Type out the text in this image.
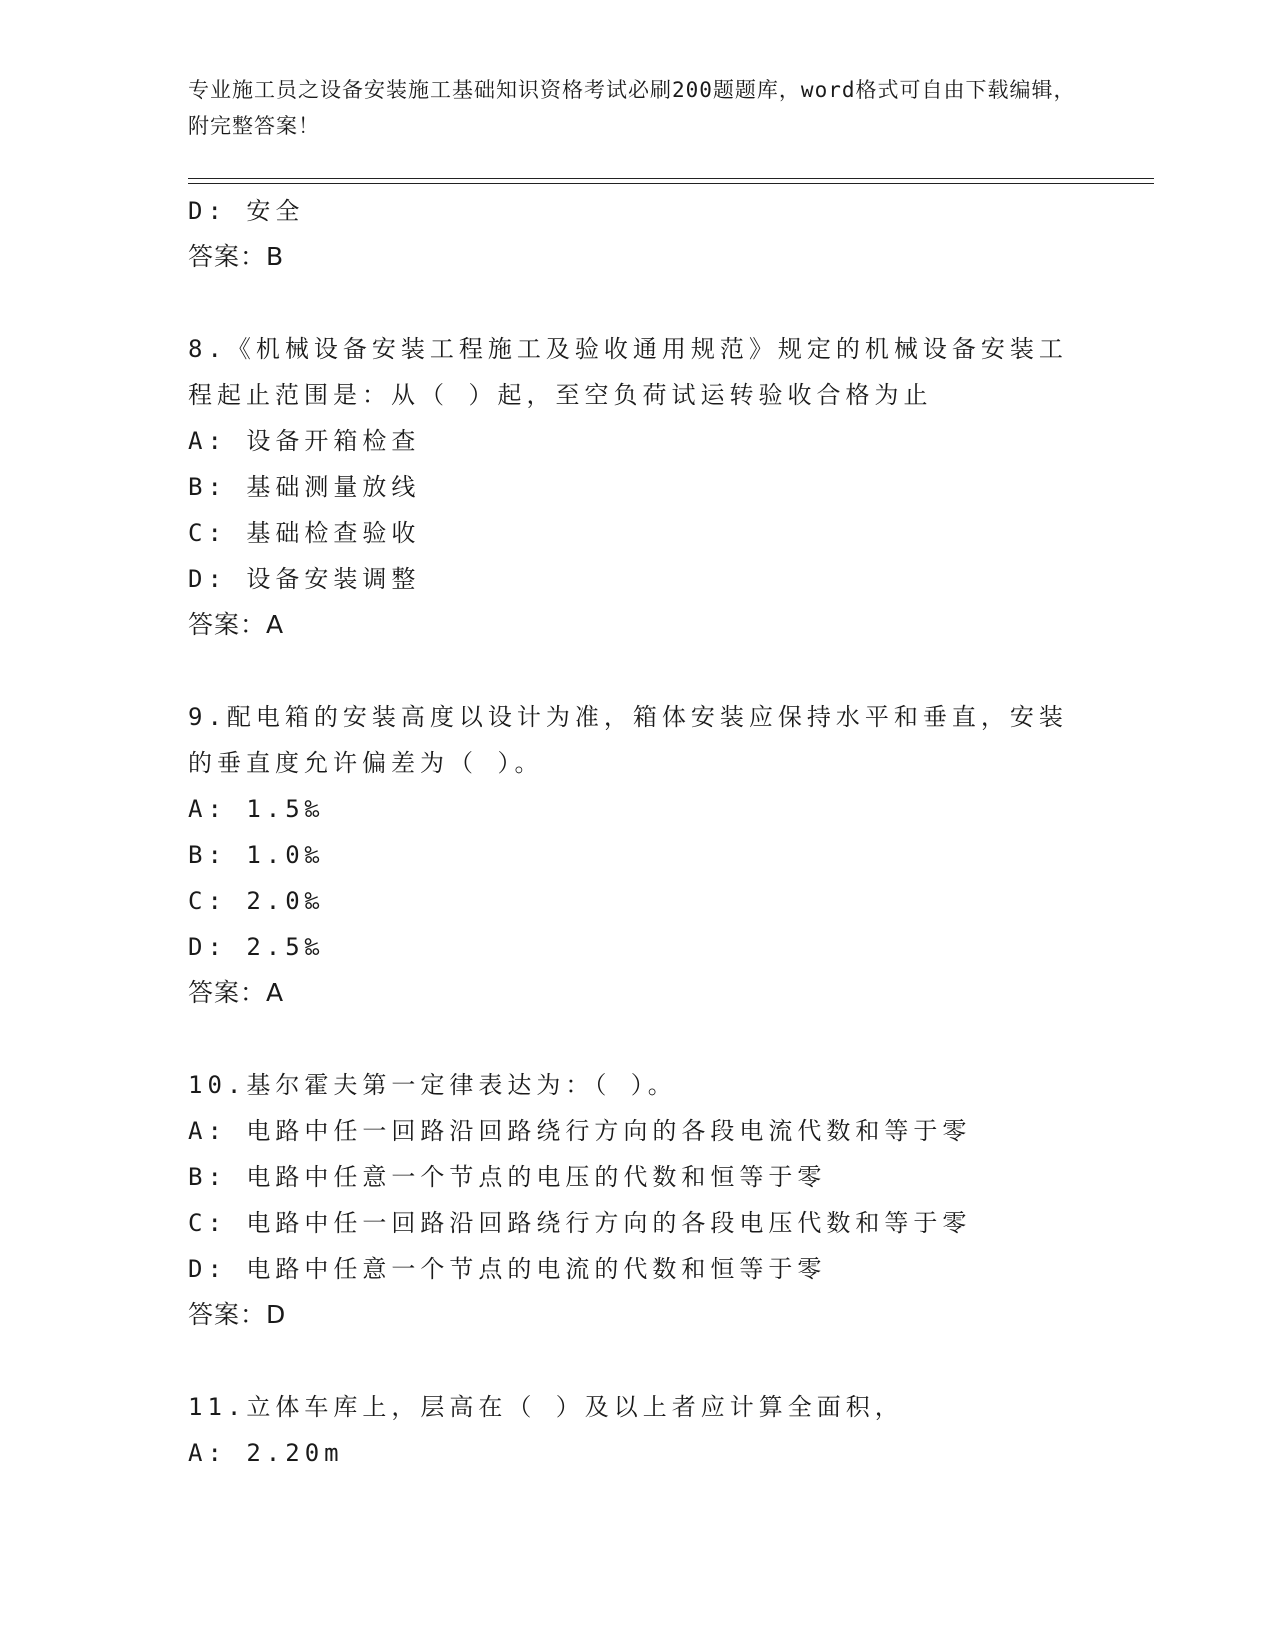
专业施工员之设备安装施工基础知识资格考试必刷200题题库，word格式可自由下载编辑，附完整答案！
D: 安全
答案：B
8.《机械设备安装工程施工及验收通用规范》规定的机械设备安装工
程起止范围是：从（ ）起，至空负荷试运转验收合格为止
A: 设备开箱检查
B: 基础测量放线
C: 基础检查验收
D: 设备安装调整
答案：A
9.配电箱的安装高度以设计为准，箱体安装应保持水平和垂直，安装
的垂直度允许偏差为（ ）。
A: 1.5‰
B: 1.0‰
C: 2.0‰
D: 2.5‰
答案：A
10.基尔霍夫第一定律表达为：（ ）。
A: 电路中任一回路沿回路绕行方向的各段电流代数和等于零
B: 电路中任意一个节点的电压的代数和恒等于零
C: 电路中任一回路沿回路绕行方向的各段电压代数和等于零
D: 电路中任意一个节点的电流的代数和恒等于零
答案：D
11.立体车库上，层高在（ ）及以上者应计算全面积，
A: 2.20m
